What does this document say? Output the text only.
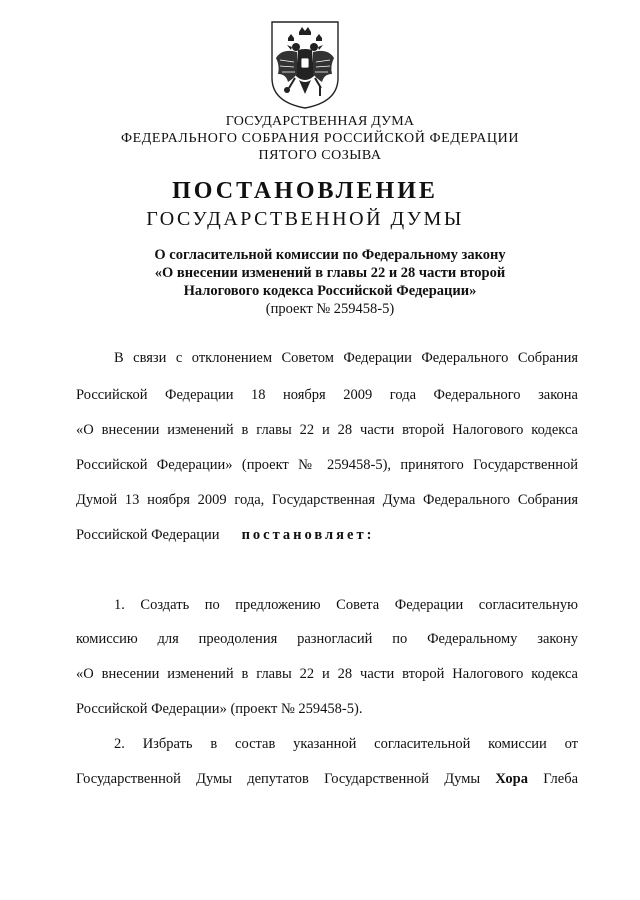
ГОСУДАРСТВЕННАЯ ДУМА
ФЕДЕРАЛЬНОГО СОБРАНИЯ РОССИЙСКОЙ ФЕДЕРАЦИИ
ПЯТОГО СОЗЫВА
ПОСТАНОВЛЕНИЕ
ГОСУДАРСТВЕННОЙ ДУМЫ
О согласительной комиссии по Федеральному закону
«О внесении изменений в главы 22 и 28 части второй
Налогового кодекса Российской Федерации»
(проект № 259458-5)
В связи с отклонением Советом Федерации Федерального Собрания
Российской Федерации 18 ноября 2009 года Федерального закона
«О внесении изменений в главы 22 и 28 части второй Налогового кодекса
Российской Федерации» (проект № 259458-5), принятого Государственной
Думой 13 ноября 2009 года, Государственная Дума Федерального Собрания
Российской Федерации постановляет:
1. Создать по предложению Совета Федерации согласительную
комиссию для преодоления разногласий по Федеральному закону
«О внесении изменений в главы 22 и 28 части второй Налогового кодекса
Российской Федерации» (проект № 259458-5).
2. Избрать в состав указанной согласительной комиссии от
Государственной Думы депутатов Государственной Думы Хора Глеба
